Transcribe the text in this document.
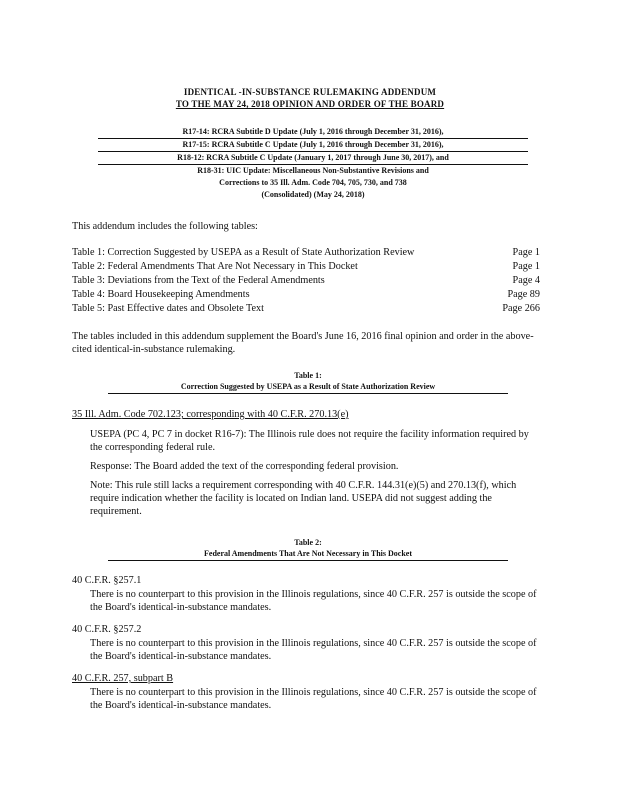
IDENTICAL -IN-SUBSTANCE RULEMAKING ADDENDUM
TO THE MAY 24, 2018 OPINION AND ORDER OF THE BOARD
R17-14: RCRA Subtitle D Update (July 1, 2016 through December 31, 2016),
R17-15: RCRA Subtitle C Update (July 1, 2016 through December 31, 2016),
R18-12: RCRA Subtitle C Update (January 1, 2017 through June 30, 2017), and
R18-31: UIC Update: Miscellaneous Non-Substantive Revisions and
Corrections to 35 Ill. Adm. Code 704, 705, 730, and 738
(Consolidated) (May 24, 2018)
This addendum includes the following tables:
Table 1: Correction Suggested by USEPA as a Result of State Authorization Review	Page 1
Table 2: Federal Amendments That Are Not Necessary in This Docket	Page 1
Table 3: Deviations from the Text of the Federal Amendments	Page 4
Table 4: Board Housekeeping Amendments	Page 89
Table 5: Past Effective dates and Obsolete Text	Page 266
The tables included in this addendum supplement the Board's June 16, 2016 final opinion and order in the above-cited identical-in-substance rulemaking.
Table 1:
Correction Suggested by USEPA as a Result of State Authorization Review
35 Ill. Adm. Code 702.123; corresponding with 40 C.F.R. 270.13(e)

USEPA (PC 4, PC 7 in docket R16-7): The Illinois rule does not require the facility information required by the corresponding federal rule.

Response: The Board added the text of the corresponding federal provision.

Note: This rule still lacks a requirement corresponding with 40 C.F.R. 144.31(e)(5) and 270.13(f), which require indication whether the facility is located on Indian land. USEPA did not suggest adding the requirement.

Table 2:
Federal Amendments That Are Not Necessary in This Docket
40 C.F.R. §257.1
There is no counterpart to this provision in the Illinois regulations, since 40 C.F.R. 257 is outside the scope of the Board's identical-in-substance mandates.
40 C.F.R. §257.2
There is no counterpart to this provision in the Illinois regulations, since 40 C.F.R. 257 is outside the scope of the Board's identical-in-substance mandates.
40 C.F.R. 257, subpart B
There is no counterpart to this provision in the Illinois regulations, since 40 C.F.R. 257 is outside the scope of the Board's identical-in-substance mandates.
